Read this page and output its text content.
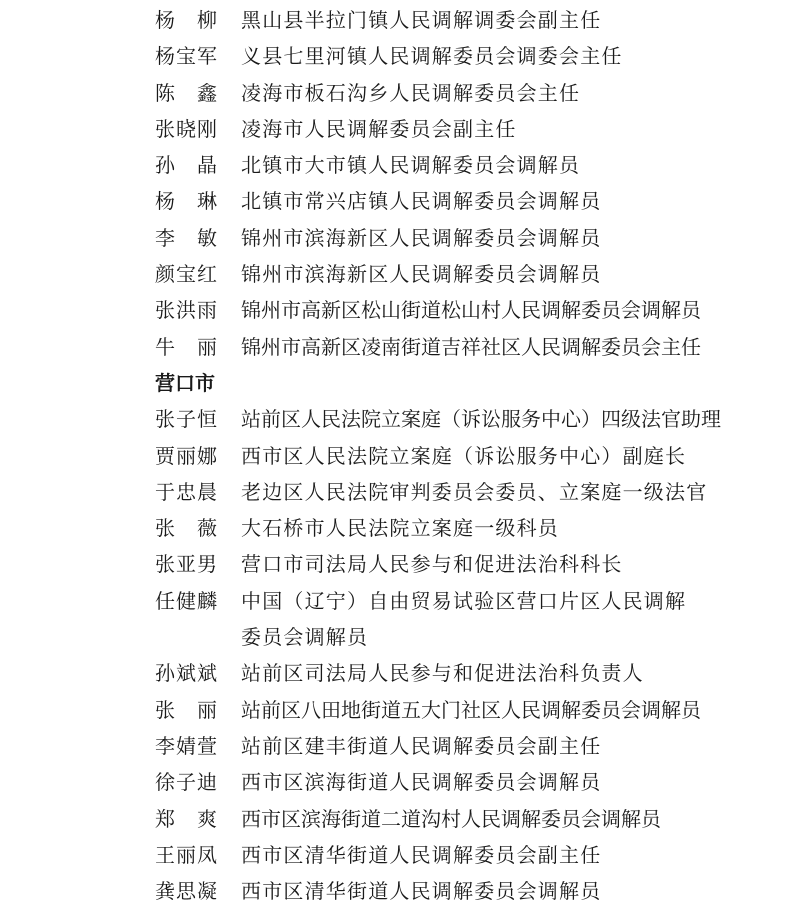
杨 柳 黑山县半拉门镇人民调解调委会副主任
杨宝军 义县七里河镇人民调解委员会调委会主任
陈 鑫 凌海市板石沟乡人民调解委员会主任
张晓刚 凌海市人民调解委员会副主任
孙 晶 北镇市大市镇人民调解委员会调解员
杨 琳 北镇市常兴店镇人民调解委员会调解员
李 敏 锦州市滨海新区人民调解委员会调解员
颜宝红 锦州市滨海新区人民调解委员会调解员
张洪雨 锦州市高新区松山街道松山村人民调解委员会调解员
牛 丽 锦州市高新区凌南街道吉祥社区人民调解委员会主任
营口市
张子恒 站前区人民法院立案庭（诉讼服务中心）四级法官助理
贾丽娜 西市区人民法院立案庭（诉讼服务中心）副庭长
于忠晨 老边区人民法院审判委员会委员、立案庭一级法官
张 薇 大石桥市人民法院立案庭一级科员
张亚男 营口市司法局人民参与和促进法治科科长
任健麟 中国（辽宁）自由贸易试验区营口片区人民调解
委员会调解员
孙斌斌 站前区司法局人民参与和促进法治科负责人
张 丽 站前区八田地街道五大门社区人民调解委员会调解员
李婧萱 站前区建丰街道人民调解委员会副主任
徐子迪 西市区滨海街道人民调解委员会调解员
郑 爽 西市区滨海街道二道沟村人民调解委员会调解员
王丽凤 西市区清华街道人民调解委员会副主任
龚思凝 西市区清华街道人民调解委员会调解员
